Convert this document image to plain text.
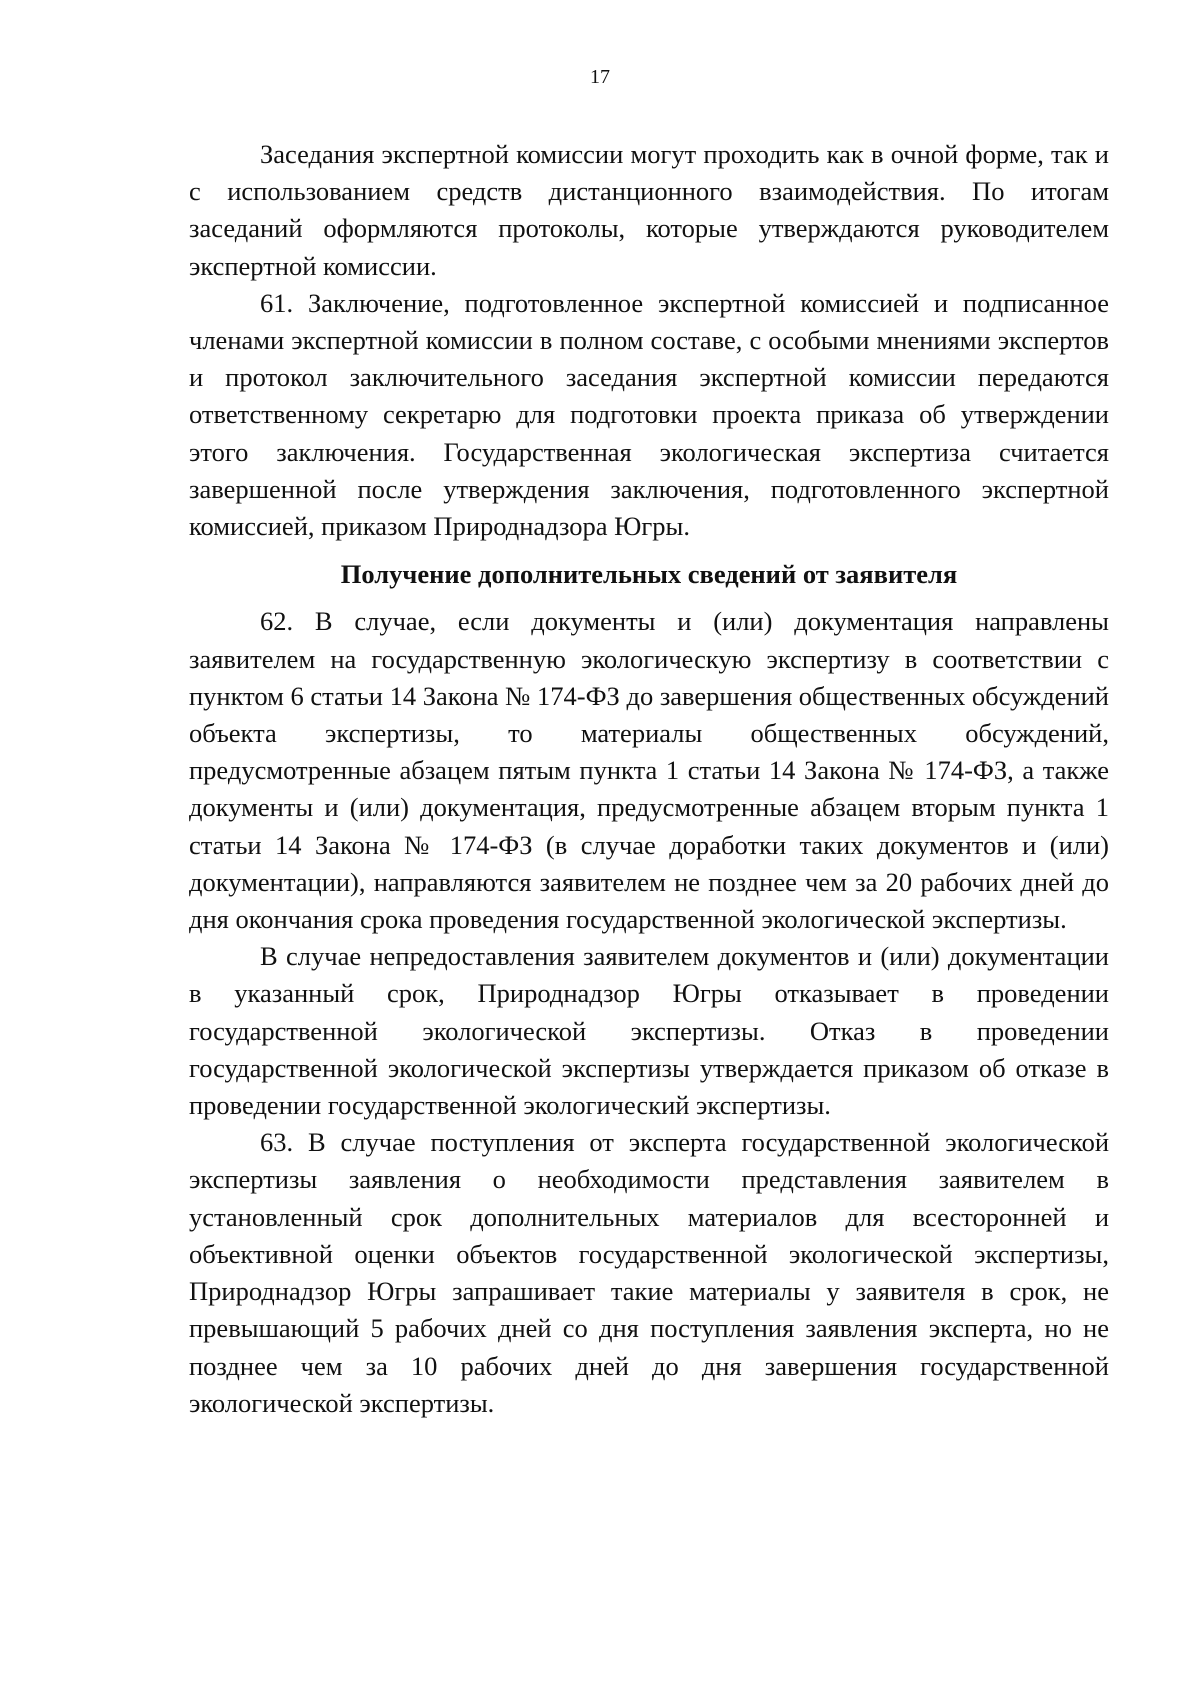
17

Заседания экспертной комиссии могут проходить как в очной форме, так и с использованием средств дистанционного взаимодействия. По итогам заседаний оформляются протоколы, которые утверждаются руководителем экспертной комиссии.

61. Заключение, подготовленное экспертной комиссией и подписанное членами экспертной комиссии в полном составе, с особыми мнениями экспертов и протокол заключительного заседания экспертной комиссии передаются ответственному секретарю для подготовки проекта приказа об утверждении этого заключения. Государственная экологическая экспертиза считается завершенной после утверждения заключения, подготовленного экспертной комиссией, приказом Природнадзора Югры.

Получение дополнительных сведений от заявителя

62. В случае, если документы и (или) документация направлены заявителем на государственную экологическую экспертизу в соответствии с пунктом 6 статьи 14 Закона № 174-ФЗ до завершения общественных обсуждений объекта экспертизы, то материалы общественных обсуждений, предусмотренные абзацем пятым пункта 1 статьи 14 Закона № 174-ФЗ, а также документы и (или) документация, предусмотренные абзацем вторым пункта 1 статьи 14 Закона № 174-ФЗ (в случае доработки таких документов и (или) документации), направляются заявителем не позднее чем за 20 рабочих дней до дня окончания срока проведения государственной экологической экспертизы.

В случае непредоставления заявителем документов и (или) документации в указанный срок, Природнадзор Югры отказывает в проведении государственной экологической экспертизы. Отказ в проведении государственной экологической экспертизы утверждается приказом об отказе в проведении государственной экологический экспертизы.

63. В случае поступления от эксперта государственной экологической экспертизы заявления о необходимости представления заявителем в установленный срок дополнительных материалов для всесторонней и объективной оценки объектов государственной экологической экспертизы, Природнадзор Югры запрашивает такие материалы у заявителя в срок, не превышающий 5 рабочих дней со дня поступления заявления эксперта, но не позднее чем за 10 рабочих дней до дня завершения государственной экологической экспертизы.
